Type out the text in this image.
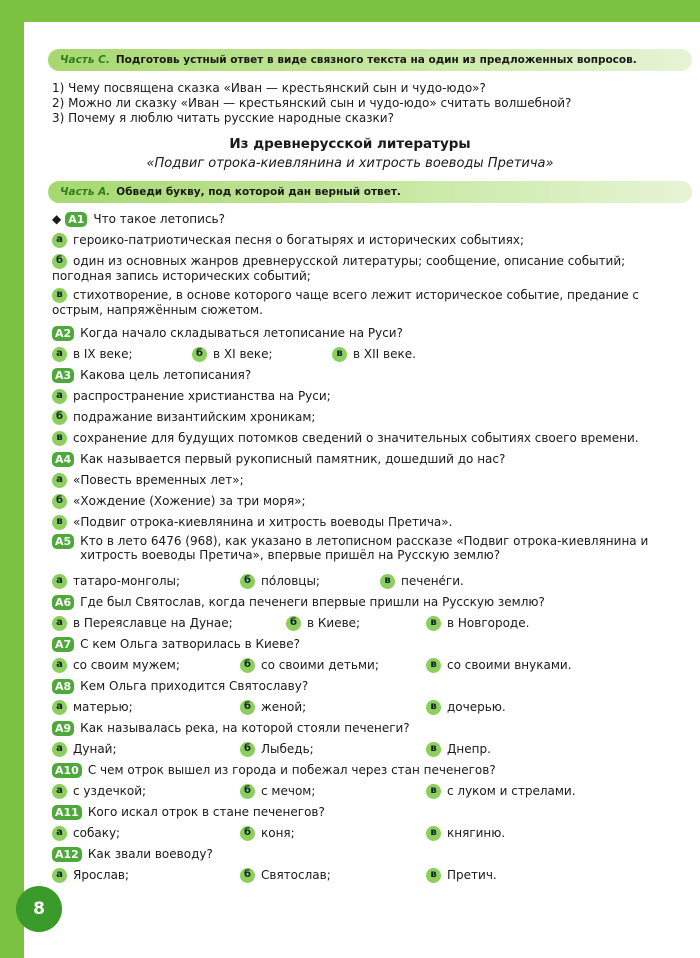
Часть С. Подготовь устный ответ в виде связного текста на один из предложенных вопросов.
1) Чему посвящена сказка «Иван — крестьянский сын и чудо-юдо»?
2) Можно ли сказку «Иван — крестьянский сын и чудо-юдо» считать волшебной?
3) Почему я люблю читать русские народные сказки?
Из древнерусской литературы
«Подвиг отрока-киевлянина и хитрость воеводы Претича»
Часть А. Обведи букву, под которой дан верный ответ.
◆ А1 Что такое летопись?
а героико-патриотическая песня о богатырях и исторических событиях;
б один из основных жанров древнерусской литературы; сообщение, описание событий; погодная запись исторических событий;
в стихотворение, в основе которого чаще всего лежит историческое событие, предание с острым, напряжённым сюжетом.
А2 Когда начало складываться летописание на Руси?
а в IX веке;	б в XI веке;	в в XII веке.
А3 Какова цель летописания?
а распространение христианства на Руси;
б подражание византийским хроникам;
в сохранение для будущих потомков сведений о значительных событиях своего времени.
А4 Как называется первый рукописный памятник, дошедший до нас?
а «Повесть временных лет»;
б «Хождение (Хожение) за три моря»;
в «Подвиг отрока-киевлянина и хитрость воеводы Претича».
А5 Кто в лето 6476 (968), как указано в летописном рассказе «Подвиг отрока-киевлянина и хитрость воеводы Претича», впервые пришёл на Русскую землю?
а татаро-монголы;	б по́ловцы;	в печене́ги.
А6 Где был Святослав, когда печенеги впервые пришли на Русскую землю?
а в Переяславце на Дунае;	б в Киеве;	в в Новгороде.
А7 С кем Ольга затворилась в Киеве?
а со своим мужем;	б со своими детьми;	в со своими внуками.
А8 Кем Ольга приходится Святославу?
а матерью;	б женой;	в дочерью.
А9 Как называлась река, на которой стояли печенеги?
а Дунай;	б Лыбедь;	в Днепр.
А10 С чем отрок вышел из города и побежал через стан печенегов?
а с уздечкой;	б с мечом;	в с луком и стрелами.
А11 Кого искал отрок в стане печенегов?
а собаку;	б коня;	в княгиню.
А12 Как звали воеводу?
а Ярослав;	б Святослав;	в Претич.
8
